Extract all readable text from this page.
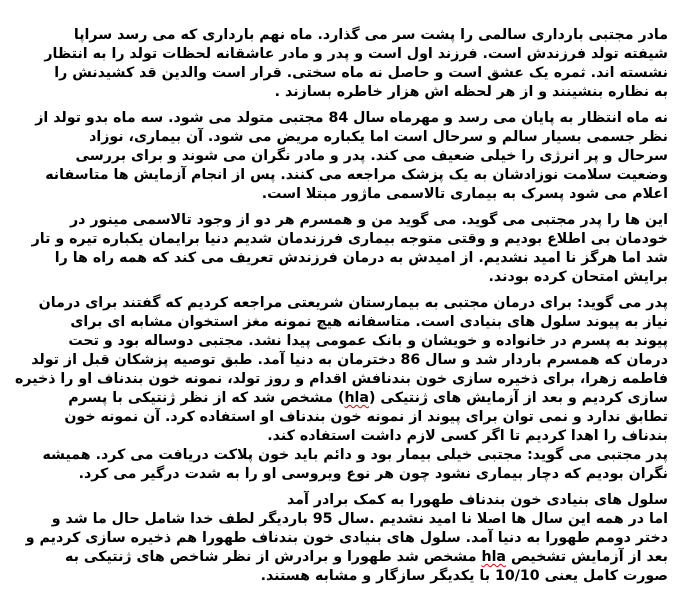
مادر مجتبی بارداری سالمی را پشت سر می گذارد. ماه نهم بارداری که می رسد سراپا
شیفته تولد فرزندش است. فرزند اول است و پدر و مادر عاشقانه لحظات تولد را به انتظار
نشسته اند. ثمره یک عشق است و حاصل نه ماه سختی. قرار است والدین قد کشیدنش را
به نظاره بنشینند و از هر لحظه اش هزار خاطره بسازند .
نه ماه انتظار به پایان می رسد و مهرماه سال 84 مجتبی متولد می شود. سه ماه بدو تولد از
نظر جسمی بسیار سالم و سرحال است اما یکباره مریض می شود. آن بیماری، نوزاد
سرحال و پر انرژی را خیلی ضعیف می کند. پدر و مادر نگران می شوند و برای بررسی
وضعیت سلامت نوزادشان به یک پزشک مراجعه می کنند. پس از انجام آزمایش ها متاسفانه
اعلام می شود پسرک به بیماری تالاسمی ماژور مبتلا است.
این ها را پدر مجتبی می گوید. می گوید من و همسرم هر دو از وجود تالاسمی مینور در
خودمان بی اطلاع بودیم و وقتی متوجه بیماری فرزندمان شدیم دنیا برایمان یکباره تیره و تار
شد اما هرگز نا امید نشدیم. از امیدش به درمان فرزندش تعریف می کند که همه راه ها را
برایش امتحان کرده بودند.
پدر می گوید: برای درمان مجتبی به بیمارستان شریعتی مراجعه کردیم که گفتند برای درمان
نیاز به پیوند سلول های بنیادی است. متاسفانه هیچ نمونه مغز استخوان مشابه ای برای
پیوند به پسرم در خانواده و خویشان و بانک عمومی پیدا نشد. مجتبی دوساله بود و تحت
درمان که همسرم باردار شد و سال 86 دخترمان به دنیا آمد. طبق توصیه پزشکان قبل از تولد
فاطمه زهرا، برای ذخیره سازی خون بندنافش اقدام و روز تولد، نمونه خون بندناف او را ذخیره
سازی کردیم و بعد از آزمایش های ژنتیکی (hla) مشخص شد که از نظر ژنتیکی با پسرم
تطابق ندارد و نمی توان برای پیوند از نمونه خون بندناف او استفاده کرد. آن نمونه خون
بندناف را اهدا کردیم تا اگر کسی لازم داشت استفاده کند.
پدر مجتبی می گوید: مجتبی خیلی بیمار بود و دائم باید خون پلاکت دریافت می کرد. همیشه
نگران بودیم که دچار بیماری نشود چون هر نوع ویروسی او را به شدت درگیر می کرد.
سلول های بنیادی خون بندناف طهورا به کمک برادر آمد
اما در همه این سال ها اصلا نا امید نشدیم .سال 95 باردیگر لطف خدا شامل حال ما شد و
دختر دومم طهورا به دنیا آمد. سلول های بنیادی خون بندناف طهورا هم ذخیره سازی کردیم و
بعد از آزمایش تشخیص hla مشخص شد طهورا و برادرش از نظر شاخص های ژنتیکی به
صورت کامل یعنی 10/10 با یکدیگر سازگار و مشابه هستند.
